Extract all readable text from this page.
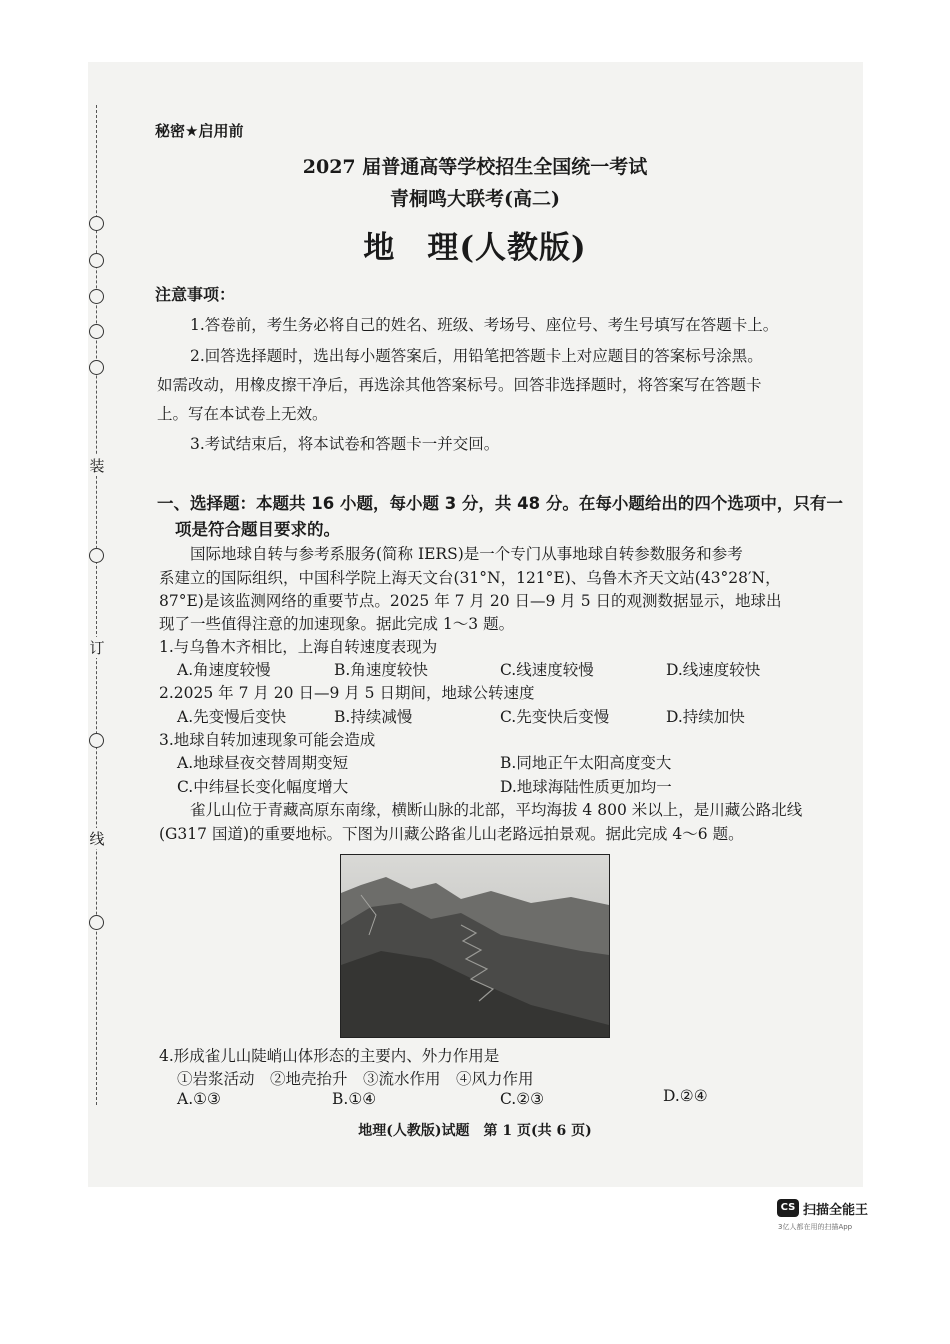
装
订
线
秘密★启用前
2027 届普通高等学校招生全国统一考试
青桐鸣大联考(高二)
地　理(人教版)
注意事项：
1.答卷前，考生务必将自己的姓名、班级、考场号、座位号、考生号填写在答题卡上。
2.回答选择题时，选出每小题答案后，用铅笔把答题卡上对应题目的答案标号涂黑。
如需改动，用橡皮擦干净后，再选涂其他答案标号。回答非选择题时，将答案写在答题卡
上。写在本试卷上无效。
3.考试结束后，将本试卷和答题卡一并交回。
一、选择题：本题共 16 小题，每小题 3 分，共 48 分。在每小题给出的四个选项中，只有一
项是符合题目要求的。
国际地球自转与参考系服务(简称 IERS)是一个专门从事地球自转参数服务和参考
系建立的国际组织，中国科学院上海天文台(31°N，121°E)、乌鲁木齐天文站(43°28′N，
87°E)是该监测网络的重要节点。2025 年 7 月 20 日—9 月 5 日的观测数据显示，地球出
现了一些值得注意的加速现象。据此完成 1～3 题。
1.与乌鲁木齐相比，上海自转速度表现为
A.角速度较慢	B.角速度较快	C.线速度较慢	D.线速度较快
2.2025 年 7 月 20 日—9 月 5 日期间，地球公转速度
A.先变慢后变快	B.持续减慢	C.先变快后变慢	D.持续加快
3.地球自转加速现象可能会造成
A.地球昼夜交替周期变短	B.同地正午太阳高度变大
C.中纬昼长变化幅度增大	D.地球海陆性质更加均一
雀儿山位于青藏高原东南缘，横断山脉的北部，平均海拔 4 800 米以上，是川藏公路北线
(G317 国道)的重要地标。下图为川藏公路雀儿山老路远拍景观。据此完成 4～6 题。
4.形成雀儿山陡峭山体形态的主要内、外力作用是
①岩浆活动　②地壳抬升　③流水作用　④风力作用
A.①③	B.①④	C.②③	D.②④
地理(人教版)试题　第 1 页(共 6 页)
CS 扫描全能王
3亿人都在用的扫描App
